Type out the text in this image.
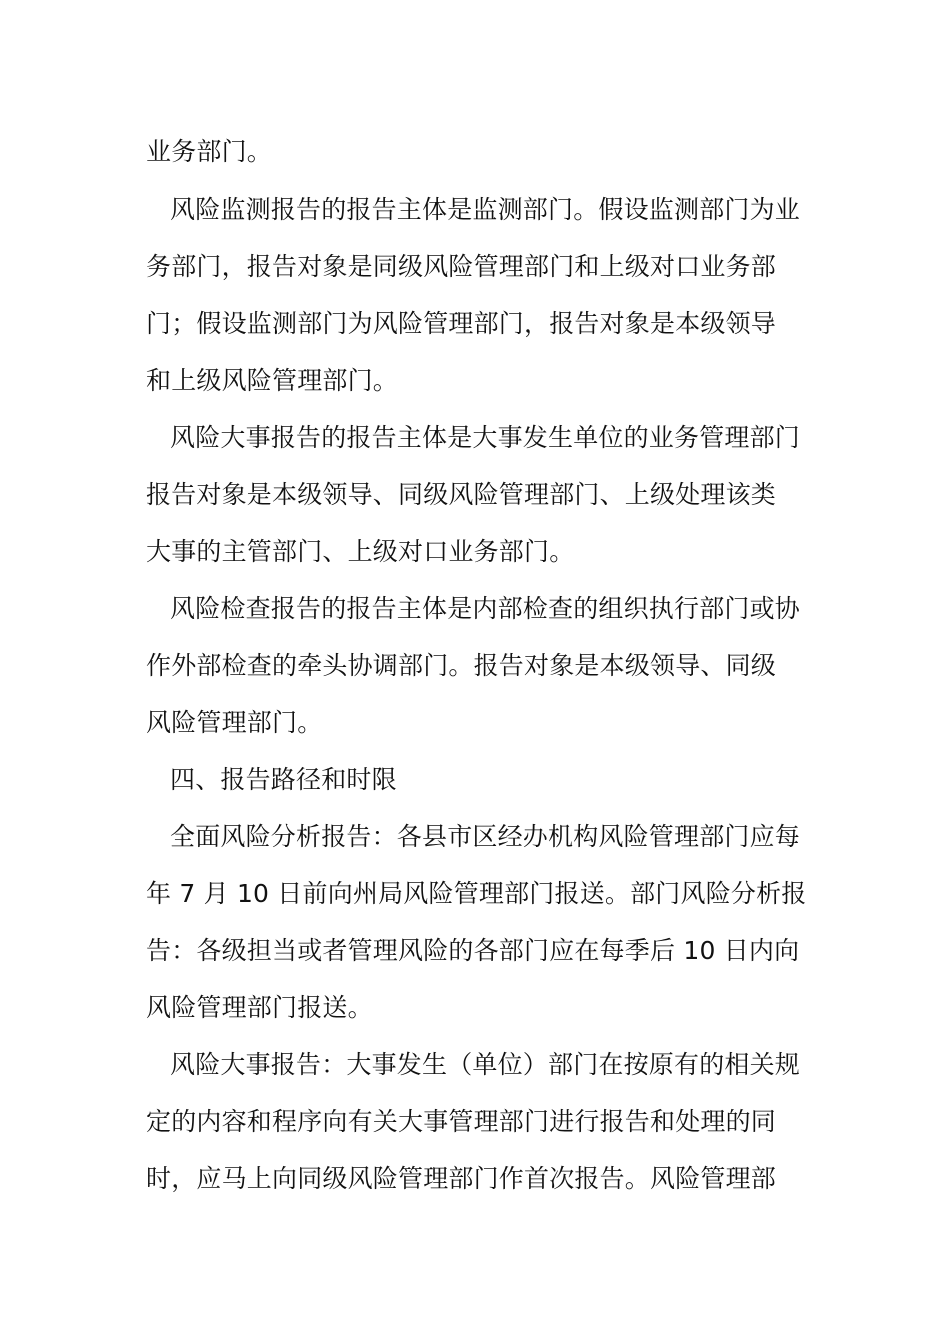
业务部门。
风险监测报告的报告主体是监测部门。假设监测部门为业
务部门，报告对象是同级风险管理部门和上级对口业务部
门；假设监测部门为风险管理部门，报告对象是本级领导
和上级风险管理部门。
风险大事报告的报告主体是大事发生单位的业务管理部门
报告对象是本级领导、同级风险管理部门、上级处理该类
大事的主管部门、上级对口业务部门。
风险检查报告的报告主体是内部检查的组织执行部门或协
作外部检查的牵头协调部门。报告对象是本级领导、同级
风险管理部门。
四、报告路径和时限
全面风险分析报告：各县市区经办机构风险管理部门应每
年 7 月 10 日前向州局风险管理部门报送。部门风险分析报
告：各级担当或者管理风险的各部门应在每季后 10 日内向
风险管理部门报送。
风险大事报告：大事发生（单位）部门在按原有的相关规
定的内容和程序向有关大事管理部门进行报告和处理的同
时，应马上向同级风险管理部门作首次报告。风险管理部
